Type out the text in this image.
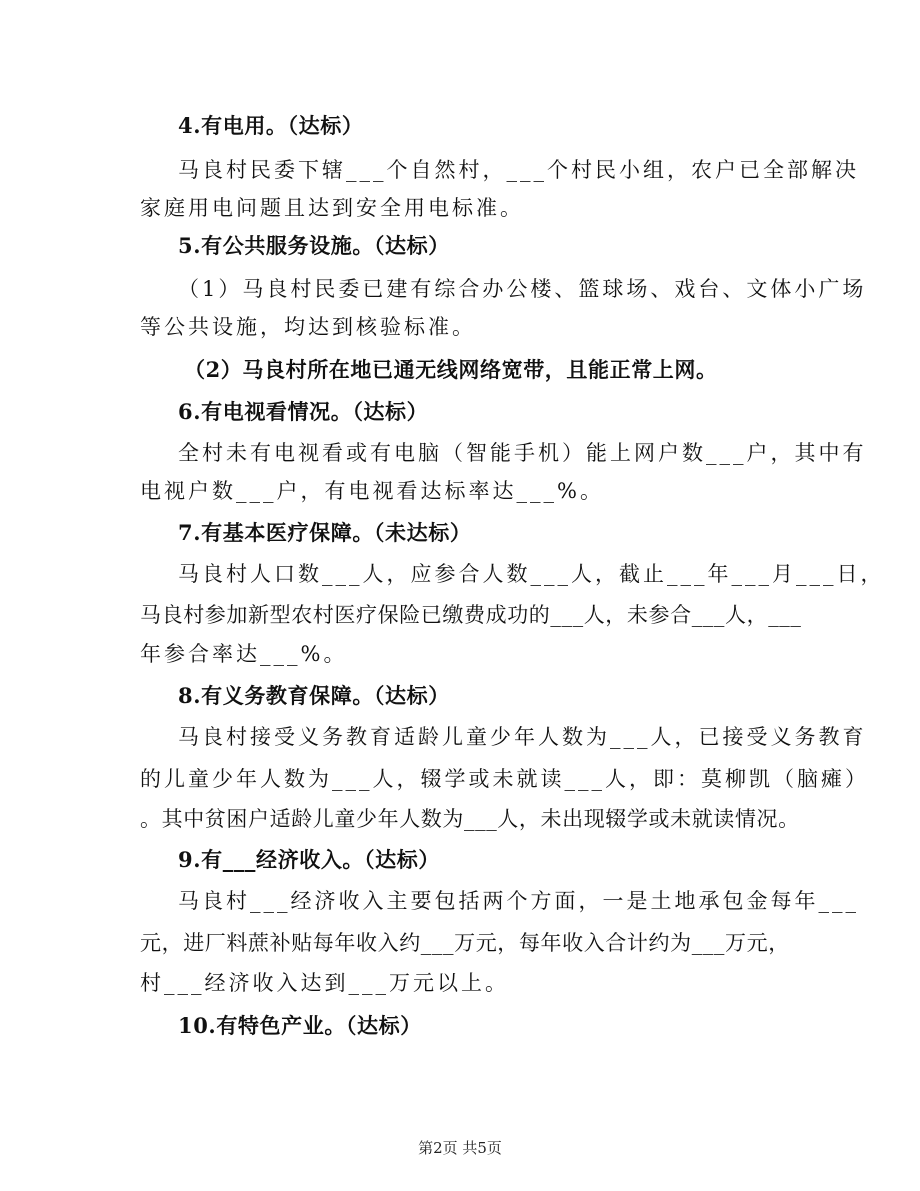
4.有电用。（达标）
马良村民委下辖___个自然村，___个村民小组，农户已全部解决
家庭用电问题且达到安全用电标准。
5.有公共服务设施。（达标）
（1）马良村民委已建有综合办公楼、篮球场、戏台、文体小广场
等公共设施，均达到核验标准。
（2）马良村所在地已通无线网络宽带，且能正常上网。
6.有电视看情况。（达标）
全村未有电视看或有电脑（智能手机）能上网户数___户，其中有
电视户数___户，有电视看达标率达___%。
7.有基本医疗保障。（未达标）
马良村人口数___人，应参合人数___人，截止___年___月___日，
马良村参加新型农村医疗保险已缴费成功的___人，未参合___人，___
年参合率达___%。
8.有义务教育保障。（达标）
马良村接受义务教育适龄儿童少年人数为___人，已接受义务教育
的儿童少年人数为___人，辍学或未就读___人，即：莫柳凯（脑瘫）
。其中贫困户适龄儿童少年人数为___人，未出现辍学或未就读情况。
9.有___经济收入。（达标）
马良村___经济收入主要包括两个方面，一是土地承包金每年___
元，进厂料蔗补贴每年收入约___万元，每年收入合计约为___万元，
村___经济收入达到___万元以上。
10.有特色产业。（达标）
第2页 共5页
